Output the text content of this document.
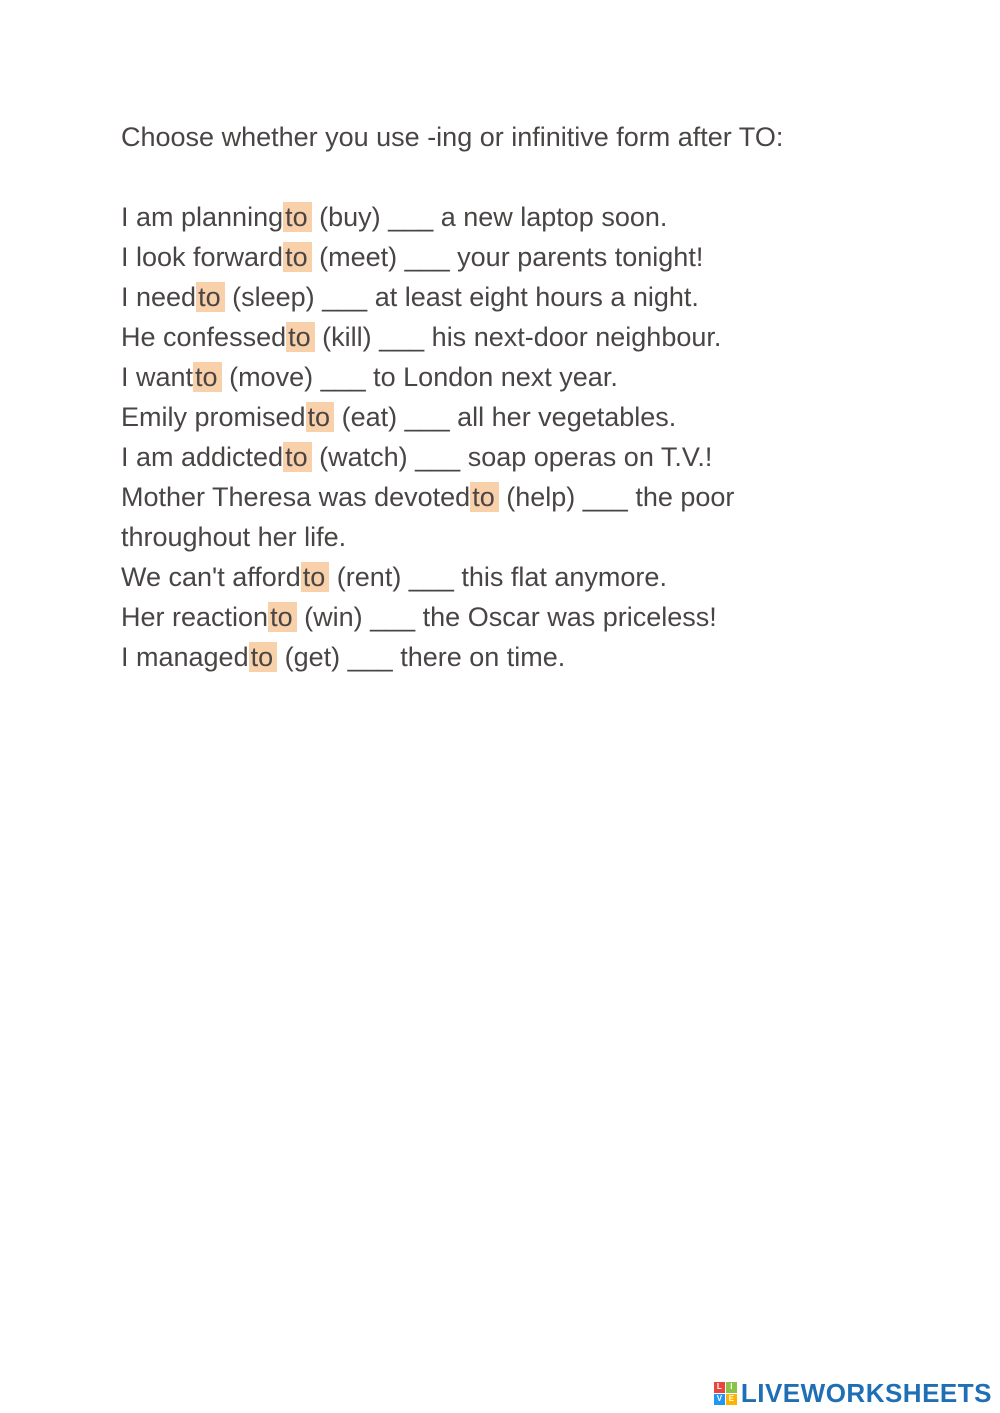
Choose whether you use -ing or infinitive form after TO:

I am planningto (buy) ___ a new laptop soon.
I look forwardto (meet) ___ your parents tonight!
I needto (sleep) ___ at least eight hours a night.
He confessedto (kill) ___ his next-door neighbour.
I wantto (move) ___ to London next year.
Emily promisedto (eat) ___ all her vegetables.
I am addictedto (watch) ___ soap operas on T.V.!
Mother Theresa was devotedto (help) ___ the poor throughout her life.
We can't affordto (rent) ___ this flat anymore.
Her reactionto (win) ___ the Oscar was priceless!
I managedto (get) ___ there on time.
L	I
V E LIVEWORKSHEETS
